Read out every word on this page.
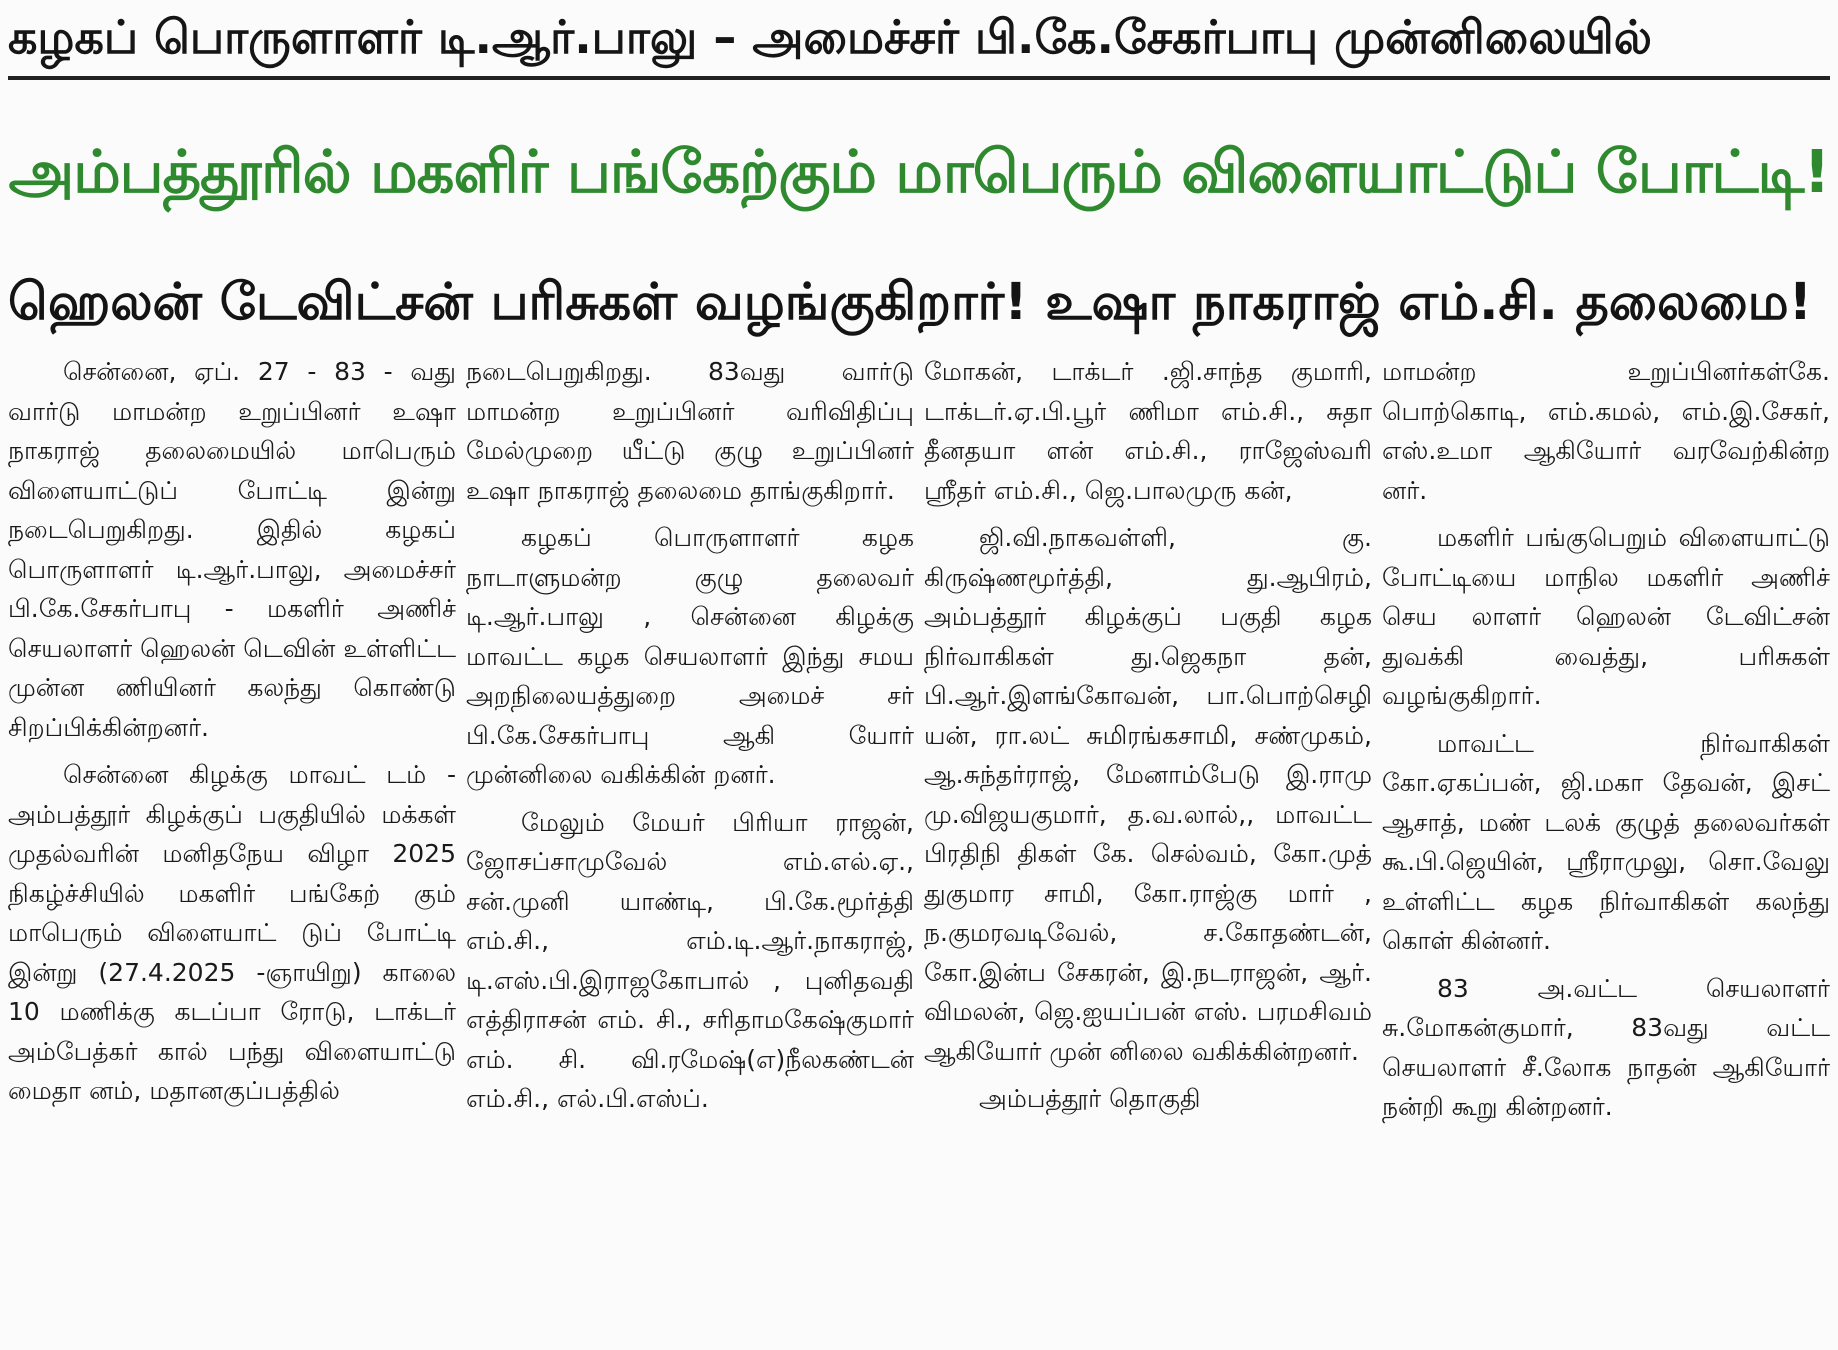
கழகப் பொருளாளர் டி.ஆர்.பாலு – அமைச்சர் பி.கே.சேகர்பாபு முன்னிலையில்
அம்பத்தூரில் மகளிர் பங்கேற்கும் மாபெரும் விளையாட்டுப் போட்டி!
ஹெலன் டேவிட்சன் பரிசுகள் வழங்குகிறார்! உஷா நாகராஜ் எம்.சி. தலைமை!

சென்னை, ஏப். 27 - 83 - வது வார்டு மாமன்ற உறுப்பினர் உஷா நாகராஜ் தலைமையில் மாபெரும் விளையாட்டுப் போட்டி இன்று நடைபெறுகிறது. இதில் கழகப் பொருளாளர் டி.ஆர்.பாலு, அமைச்சர் பி.கே.சேகர்பாபு - மகளிர் அணிச் செயலாளர் ஹெலன் டெவின் உள்ளிட்ட முன்ன ணியினர் கலந்து கொண்டு சிறப்பிக்கின்றனர்.

சென்னை கிழக்கு மாவட் டம் - அம்பத்தூர் கிழக்குப் பகுதியில் மக்கள் முதல்வரின் மனிதநேய விழா 2025 நிகழ்ச்சியில் மகளிர் பங்கேற் கும் மாபெரும் விளையாட் டுப் போட்டி இன்று (27.4.2025 -ஞாயிறு) காலை 10 மணிக்கு கடப்பா ரோடு, டாக்டர் அம்பேத்கர் கால் பந்து விளையாட்டு மைதா னம், மதானகுப்பத்தில்

நடைபெறுகிறது. 83வது வார்டு மாமன்ற உறுப்பினர் வரிவிதிப்பு மேல்முறை யீட்டு குழு உறுப்பினர் உஷா நாகராஜ் தலைமை தாங்குகிறார்.

கழகப் பொருளாளர் கழக நாடாளுமன்ற குழு தலைவர் டி.ஆர்.பாலு , சென்னை கிழக்கு மாவட்ட கழக செயலாளர் இந்து சமய அறநிலையத்துறை அமைச் சர் பி.கே.சேகர்பாபு ஆகி யோர் முன்னிலை வகிக்கின் றனர்.

மேலும் மேயர் பிரியா ராஜன், ஜோசப்சாமுவேல் எம்.எல்.ஏ., சன்.முனி யாண்டி, பி.கே.மூர்த்தி எம்.சி., எம்.டி.ஆர்.நாகராஜ், டி.எஸ்.பி.இராஜகோபால் , புனிதவதி எத்திராசன் எம். சி., சரிதாமகேஷ்குமார் எம். சி. வி.ரமேஷ்(எ)நீலகண்டன் எம்.சி., எல்.பி.எஸ்ப்.

மோகன், டாக்டர் .ஜி.சாந்த குமாரி, டாக்டர்.ஏ.பி.பூர் ணிமா எம்.சி., சுதா தீனதயா ளன் எம்.சி., ராஜேஸ்வரி ஸ்ரீதர் எம்.சி., ஜெ.பாலமுரு கன்,

ஜி.வி.நாகவள்ளி, கு. கிருஷ்ணமூர்த்தி, து.ஆபிரம், அம்பத்தூர் கிழக்குப் பகுதி கழக நிர்வாகிகள் து.ஜெகநா தன், பி.ஆர்.இளங்கோவன், பா.பொற்செழி யன், ரா.லட் சுமிரங்கசாமி, சண்முகம், ஆ.சுந்தர்ராஜ், மேனாம்பேடு இ.ராமு மு.விஜயகுமார், த.வ.லால்,, மாவட்ட பிரதிநி திகள் கே. செல்வம், கோ.முத் துகுமார சாமி, கோ.ராஜ்கு மார் , ந.குமரவடிவேல், ச.கோதண்டன், கோ.இன்ப சேகரன், இ.நடராஜன், ஆர். விமலன், ஜெ.ஐயப்பன் எஸ். பரமசிவம் ஆகியோர் முன் னிலை வகிக்கின்றனர்.

அம்பத்தூர் தொகுதி

மாமன்ற உறுப்பினர்கள்கே. பொற்கொடி, எம்.கமல், எம்.இ.சேகர், எஸ்.உமா ஆகியோர் வரவேற்கின்ற னர்.

மகளிர் பங்குபெறும் விளையாட்டு போட்டியை மாநில மகளிர் அணிச் செய லாளர் ஹெலன் டேவிட்சன் துவக்கி வைத்து, பரிசுகள் வழங்குகிறார்.

மாவட்ட நிர்வாகிகள் கோ.ஏகப்பன், ஜி.மகா தேவன், இசட் ஆசாத், மண் டலக் குழுத் தலைவர்கள் கூ.பி.ஜெயின், ஸ்ரீராமுலு, சொ.வேலு உள்ளிட்ட கழக நிர்வாகிகள் கலந்து கொள் கின்னர்.

83 அ.வட்ட செயலாளர் சு.மோகன்குமார், 83வது வட்ட செயலாளர் சீ.லோக நாதன் ஆகியோர் நன்றி கூறு கின்றனர்.
